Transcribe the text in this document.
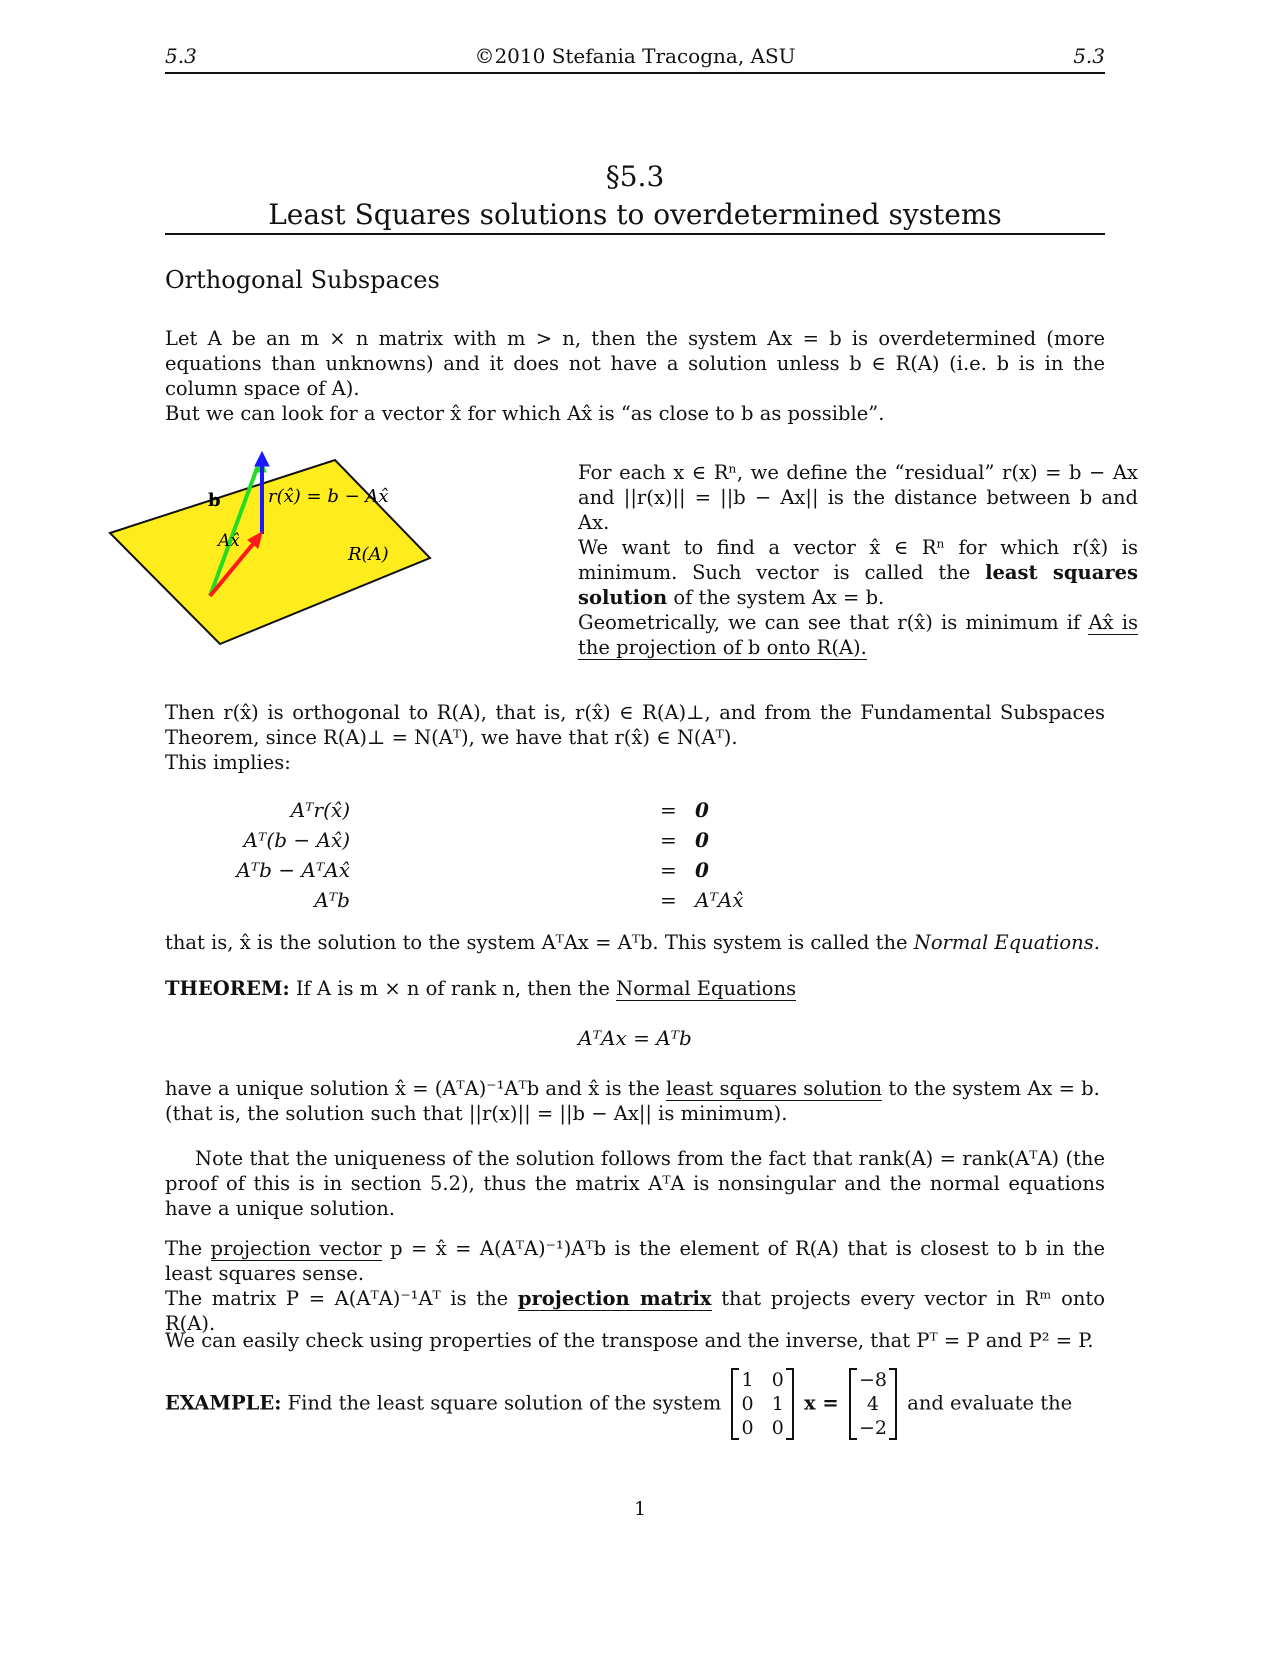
5.3	©2010 Stefania Tracogna, ASU	5.3
§5.3
Least Squares solutions to overdetermined systems
Orthogonal Subspaces
Let A be an m × n matrix with m > n, then the system Ax = b is overdetermined (more equations than unknowns) and it does not have a solution unless b ∈ R(A) (i.e. b is in the column space of A).
But we can look for a vector x̂ for which Ax̂ is “as close to b as possible”.
b	r(x̂) = b − Ax̂
Ax̂
R(A)
For each x ∈ Rⁿ, we define the “residual” r(x) = b − Ax and ||r(x)|| = ||b − Ax|| is the distance between b and Ax.
We want to find a vector x̂ ∈ Rⁿ for which r(x̂) is minimum. Such vector is called the least squares solution of the system Ax = b.
Geometrically, we can see that r(x̂) is minimum if Ax̂ is the projection of b onto R(A).
Then r(x̂) is orthogonal to R(A), that is, r(x̂) ∈ R(A)⊥, and from the Fundamental Subspaces Theorem, since R(A)⊥ = N(Aᵀ), we have that r(x̂) ∈ N(Aᵀ).
This implies:
Aᵀr(x̂)	= 0
Aᵀ(b − Ax̂)	= 0
Aᵀb − AᵀAx̂	= 0
Aᵀb	= AᵀAx̂
that is, x̂ is the solution to the system AᵀAx = Aᵀb. This system is called the Normal Equations.
THEOREM: If A is m × n of rank n, then the Normal Equations
AᵀAx = Aᵀb
have a unique solution x̂ = (AᵀA)⁻¹Aᵀb and x̂ is the least squares solution to the system Ax = b.
(that is, the solution such that ||r(x)|| = ||b − Ax|| is minimum).
Note that the uniqueness of the solution follows from the fact that rank(A) = rank(AᵀA) (the proof of this is in section 5.2), thus the matrix AᵀA is nonsingular and the normal equations have a unique solution.
The projection vector p = x̂ = A(AᵀA)⁻¹)Aᵀb is the element of R(A) that is closest to b in the least squares sense.
The matrix P = A(AᵀA)⁻¹Aᵀ is the projection matrix that projects every vector in Rᵐ onto R(A).
We can easily check using properties of the transpose and the inverse, that Pᵀ = P and P² = P.
EXAMPLE: Find the least square solution of the system
1 0
0 1
0 0
x =
−8
4
−2
and evaluate the
1
